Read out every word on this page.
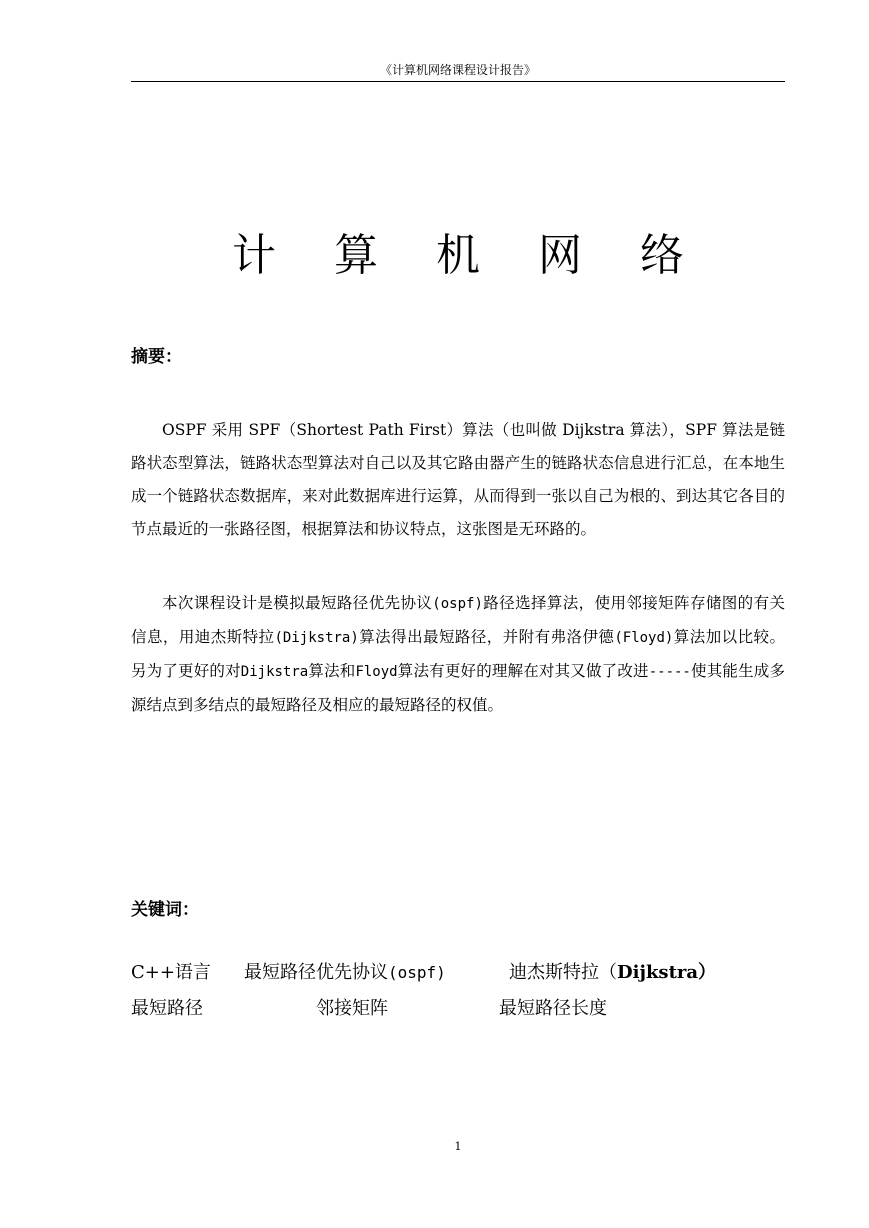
《计算机网络课程设计报告》
计 算 机 网 络
摘要：
OSPF 采用 SPF（Shortest Path First）算法（也叫做 Dijkstra 算法），SPF 算法是链路状态型算法，链路状态型算法对自己以及其它路由器产生的链路状态信息进行汇总，在本地生成一个链路状态数据库，来对此数据库进行运算，从而得到一张以自己为根的、到达其它各目的节点最近的一张路径图，根据算法和协议特点，这张图是无环路的。
本次课程设计是模拟最短路径优先协议(ospf)路径选择算法，使用邻接矩阵存储图的有关信息，用迪杰斯特拉(Dijkstra)算法得出最短路径，并附有弗洛伊德(Floyd)算法加以比较。另为了更好的对Dijkstra算法和Floyd算法有更好的理解在对其又做了改进-----使其能生成多源结点到多结点的最短路径及相应的最短路径的权值。
关键词：
C++语言 最短路径优先协议(ospf)	迪杰斯特拉（Dijkstra）
最短路径	邻接矩阵	最短路径长度
1
